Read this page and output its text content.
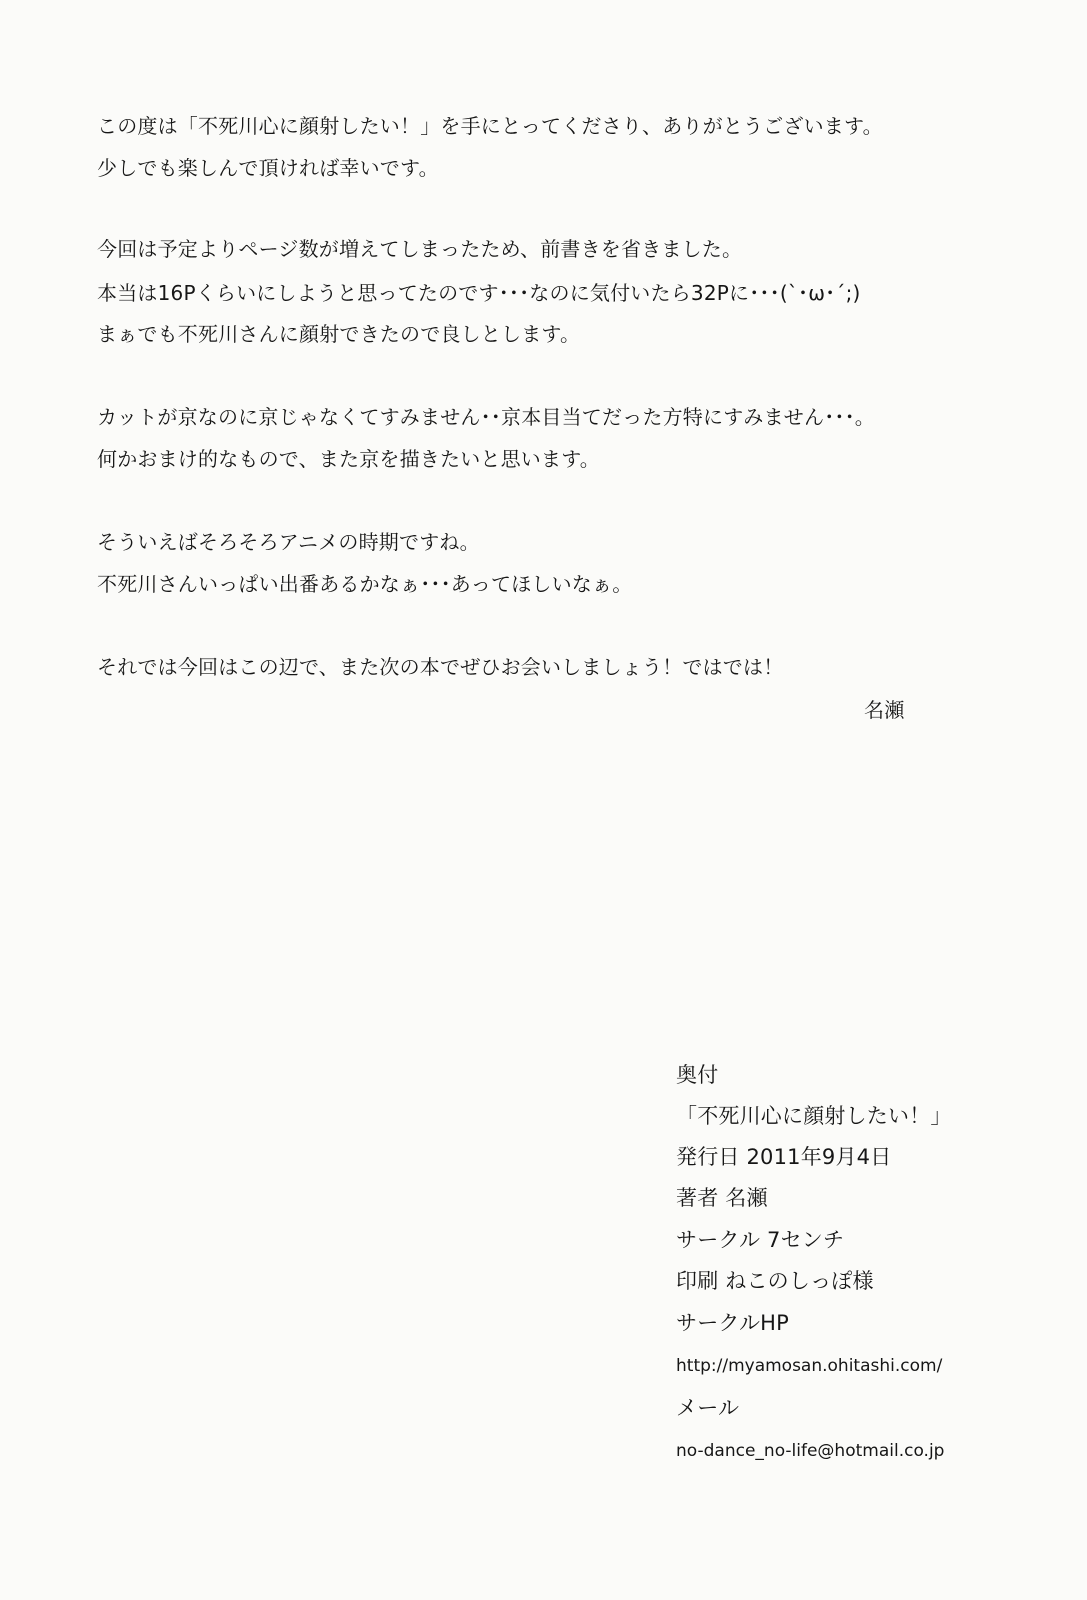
この度は「不死川心に顔射したい！」を手にとってくださり、ありがとうございます。
少しでも楽しんで頂ければ幸いです。
今回は予定よりページ数が増えてしまったため、前書きを省きました。
本当は16Pくらいにしようと思ってたのです･･･なのに気付いたら32Pに･･･(`･ω･´;)
まぁでも不死川さんに顔射できたので良しとします。
カットが京なのに京じゃなくてすみません･･京本目当てだった方特にすみません･･･。
何かおまけ的なもので、また京を描きたいと思います。
そういえばそろそろアニメの時期ですね。
不死川さんいっぱい出番あるかなぁ･･･あってほしいなぁ。
それでは今回はこの辺で、また次の本でぜひお会いしましょう！ではでは！
名瀬
奥付
「不死川心に顔射したい！」
発行日 2011年9月4日
著者 名瀬
サークル 7センチ
印刷 ねこのしっぽ様
サークルHP
http://myamosan.ohitashi.com/
メール
no-dance_no-life@hotmail.co.jp
